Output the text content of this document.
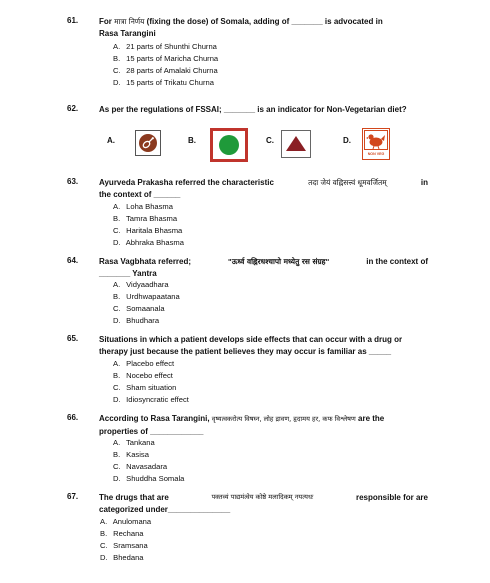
61.	For मात्रा निर्णय (fixing the dose) of Somala, adding of _______ is advocated in
Rasa Tarangini
A. 21 parts of Shunthi Churna
B. 15 parts of Maricha Churna
C. 28 parts of Amalaki Churna
D. 15 parts of Trikatu Churna
62.	As per the regulations of FSSAI; _______ is an indicator for Non-Vegetarian diet?
A.	B.	C.	D.
NON VEG
63.	Ayurveda Prakasha referred the characteristic	तदा जेयं वह्निसत्त्वं धूमवर्जितम्	in
the context of ______
A. Loha Bhasma
B. Tamra Bhasma
C. Haritala Bhasma
D. Abhraka Bhasma
64.	Rasa Vagbhata referred;	"ऊर्ध्व वह्निरधश्चापो मध्येतु रस संग्रह"	in the context of
_______ Yantra
A. Vidyaadhara
B. Urdhwapaatana
C. Somaanala
D. Bhudhara
65.	Situations in which a patient develops side effects that can occur with a drug or
therapy just because the patient believes they may occur is familiar as _____
A. Placebo effect
B. Nocebo effect
C. Sham situation
D. Idiosyncratic effect
66.	According to Rasa Tarangini, वृष्यत्वकरोत्य विषघ्न, लोह द्रावण, हृदामय हर, कफ विश्लेषण are the
properties of ____________
A. Tankana
B. Kasisa
C. Navasadara
D. Shuddha Somala
67.	The drugs that are	पक्तव्यं पाद्यमंत्वेय कोष्ठे मलादिकम् नयत्यधः	responsible for are
categorized under______________
A. Anulomana
B. Rechana
C. Sramsana
D. Bhedana
